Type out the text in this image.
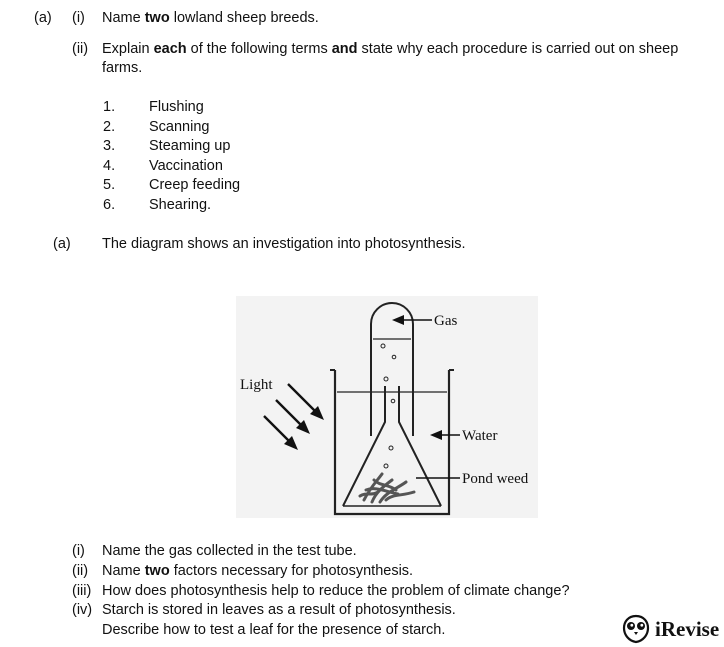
(a) (i) Name two lowland sheep breeds.
(ii) Explain each of the following terms and state why each procedure is carried out on sheep
farms.
1. Flushing
2. Scanning
3. Steaming up
4. Vaccination
5. Creep feeding
6. Shearing.
(a) The diagram shows an investigation into photosynthesis.
Gas
Light
Water
Pond weed
(i) Name the gas collected in the test tube.
(ii) Name two factors necessary for photosynthesis.
(iii) How does photosynthesis help to reduce the problem of climate change?
(iv) Starch is stored in leaves as a result of photosynthesis.
Describe how to test a leaf for the presence of starch.	iRevise
